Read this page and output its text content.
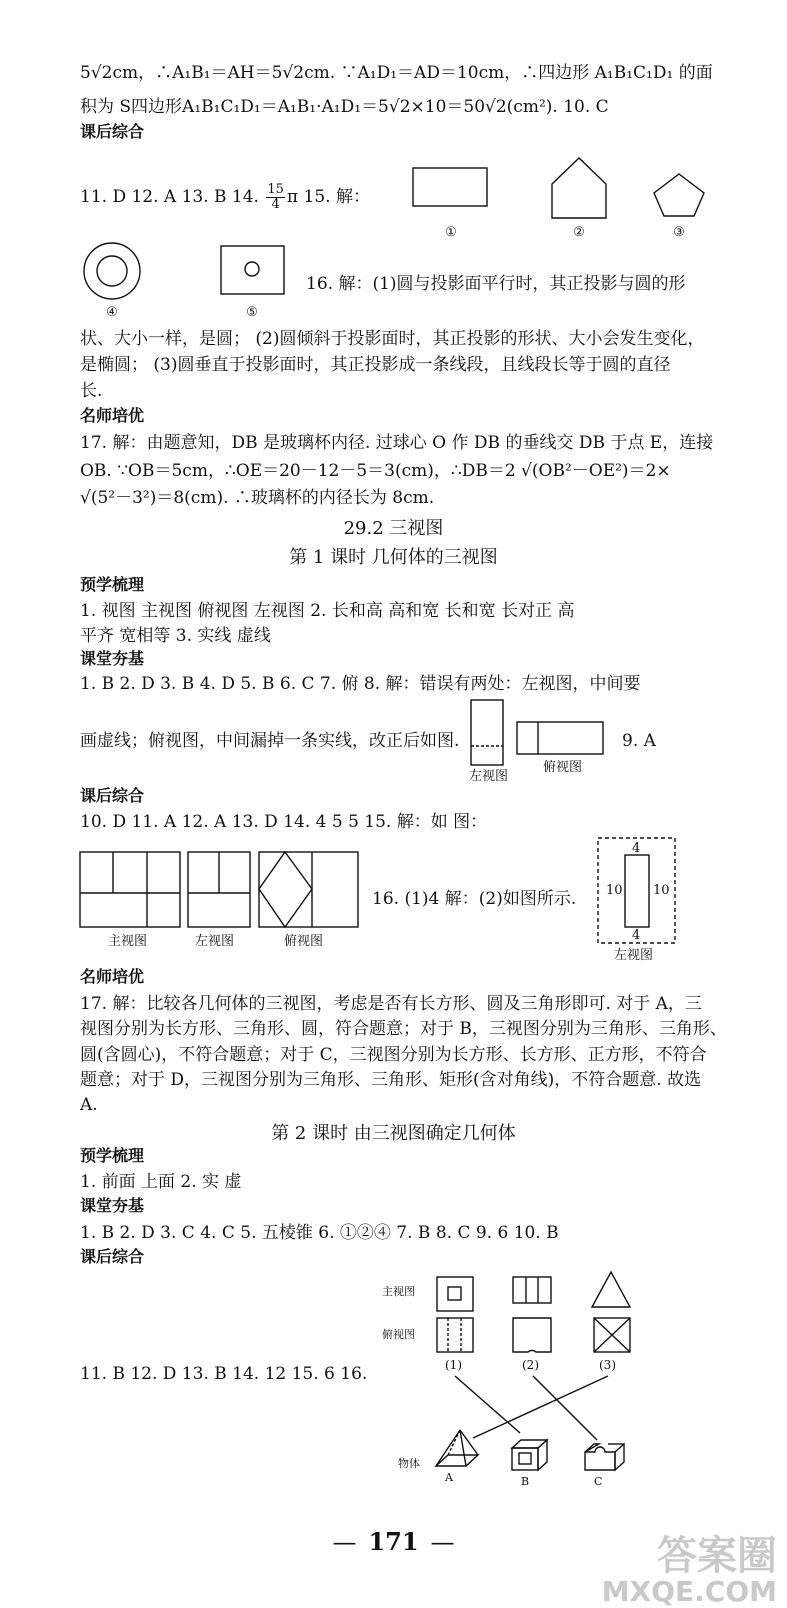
5√2cm，∴A₁B₁＝AH＝5√2cm. ∵A₁D₁＝AD＝10cm，∴四边形 A₁B₁C₁D₁ 的面
积为 S四边形A₁B₁C₁D₁＝A₁B₁·A₁D₁＝5√2×10＝50√2(cm²). 10. C
课后综合
11. D 12. A 13. B 14. $\frac{15}{4}$ π 15. 解：
16. 解：(1)圆与投影面平行时，其正投影与圆的形
状、大小一样，是圆； (2)圆倾斜于投影面时，其正投影的形状、大小会发生变化，
是椭圆； (3)圆垂直于投影面时，其正投影成一条线段，且线段长等于圆的直径
长.
名师培优
17. 解：由题意知，DB 是玻璃杯内径. 过球心 O 作 DB 的垂线交 DB 于点 E，连接
OB. ∵OB＝5cm，∴OE＝20－12－5＝3(cm)，∴DB＝2 √(OB²－OE²)＝2×
√(5²－3²)＝8(cm). ∴玻璃杯的内径长为 8cm.
29.2 三视图
第 1 课时 几何体的三视图
预学梳理
1. 视图 主视图 俯视图 左视图 2. 长和高 高和宽 长和宽 长对正 高
平齐 宽相等 3. 实线 虚线
课堂夯基
1. B 2. D 3. B 4. D 5. B 6. C 7. 俯 8. 解：错误有两处：左视图，中间要
画虚线；俯视图，中间漏掉一条实线，改正后如图.	9. A
课后综合
10. D 11. A 12. A 13. D 14. 4 5 5 15. 解：如 图：
16. (1)4 解：(2)如图所示.
名师培优
17. 解：比较各几何体的三视图，考虑是否有长方形、圆及三角形即可. 对于 A，三
视图分别为长方形、三角形、圆，符合题意；对于 B，三视图分别为三角形、三角形、
圆(含圆心)，不符合题意；对于 C，三视图分别为长方形、长方形、正方形，不符合
题意；对于 D，三视图分别为三角形、三角形、矩形(含对角线)，不符合题意. 故选
A.
第 2 课时 由三视图确定几何体
预学梳理
1. 前面 上面 2. 实 虚
课堂夯基
1. B 2. D 3. C 4. C 5. 五棱锥 6. ①②④ 7. B 8. C 9. 6 10. B
课后综合
11. B 12. D 13. B 14. 12 15. 6 16.
①	②	③
④	⑤
左视图
俯视图
主视图	左视图	俯视图
左视图
4
10 10
4
主视图
俯视图
(1)	(2)	(3)
物体
A	B	C
— 171 —	答案圈
MXQE.COM
